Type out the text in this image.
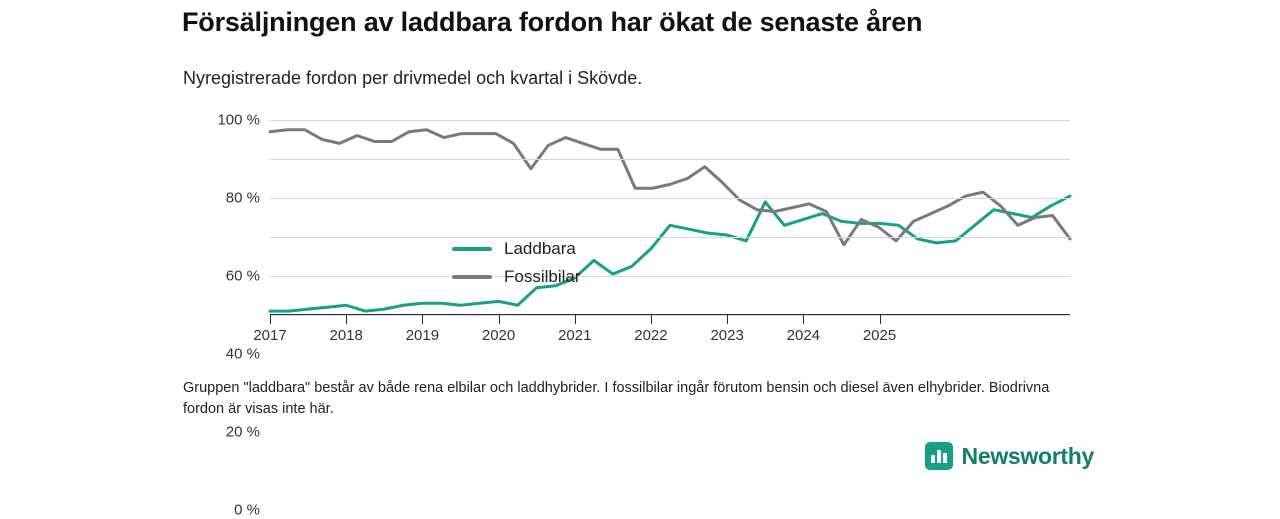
Försäljningen av laddbara fordon har ökat de senaste åren
Nyregistrerade fordon per drivmedel och kvartal i Skövde.
0 %
20 %
40 %
60 %
80 %
100 %
2017	2018	2019	2020	2021	2022	2023	2024	2025
Laddbara
Fossilbilar
Gruppen "laddbara" består av både rena elbilar och laddhybrider. I fossilbilar ingår förutom bensin och diesel även elhybrider. Biodrivna fordon är visas inte här.
Newsworthy
